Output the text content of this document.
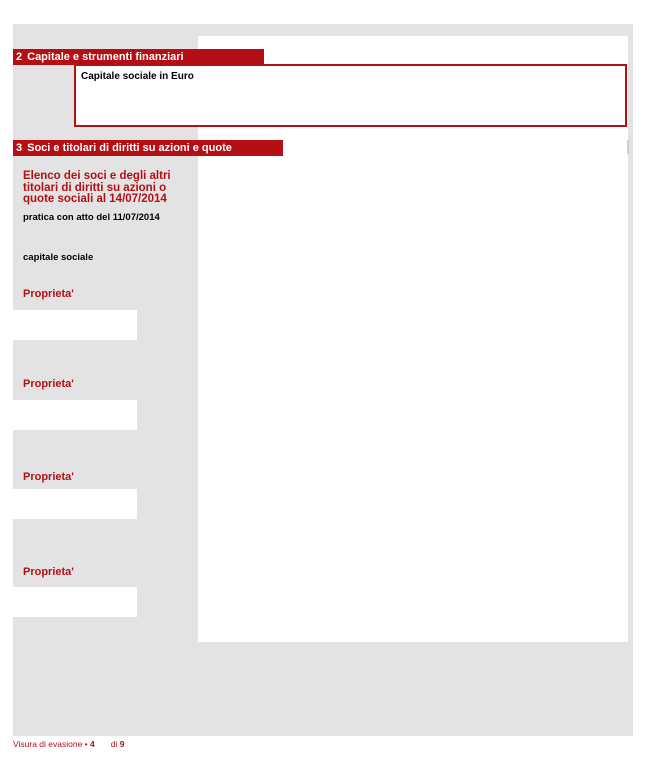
2 Capitale e strumenti finanziari
Capitale sociale in Euro
3 Soci e titolari di diritti su azioni e quote
Elenco dei soci e degli altri titolari di diritti su azioni o quote sociali al 14/07/2014
pratica con atto del 11/07/2014
capitale sociale
Proprieta'
Proprieta'
Proprieta'
Proprieta'
Visura di evasione • 4 di 9
